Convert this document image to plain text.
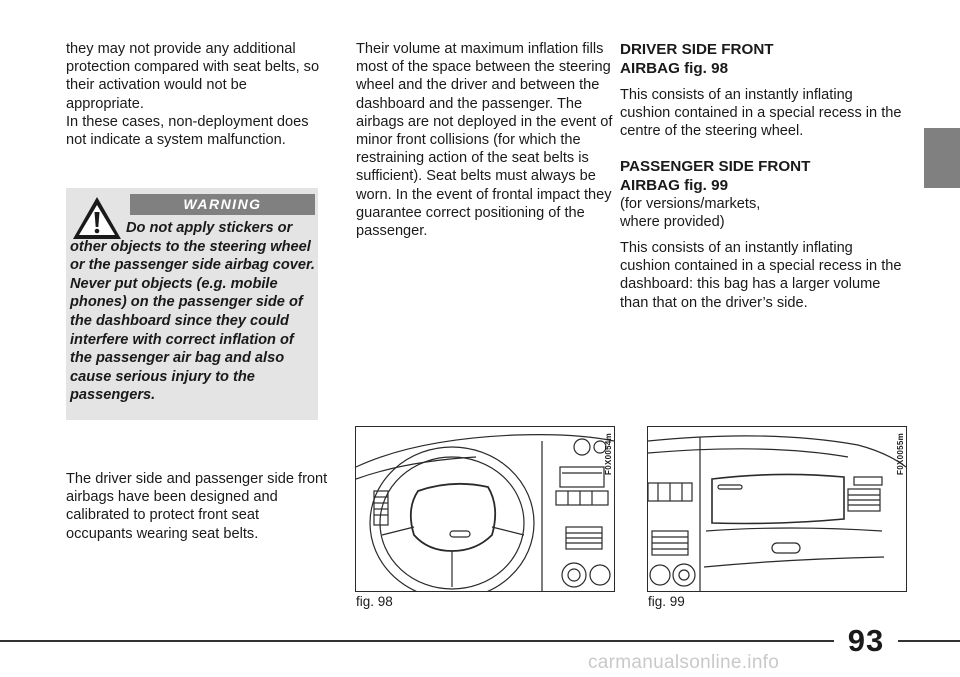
they may not provide any additional protection compared with seat belts, so their activation would not be appropriate.

In these cases, non-deployment does not indicate a system malfunction.

WARNING
Do not apply stickers or other objects to the steering wheel or the passenger side airbag cover. Never put objects (e.g. mobile phones) on the passenger side of the dashboard since they could interfere with correct inflation of the passenger air bag and also cause serious injury to the passengers.

The driver side and passenger side front airbags have been designed and calibrated to protect front seat occupants wearing seat belts.

Their volume at maximum inflation fills most of the space between the steering wheel and the driver and between the dashboard and the passenger. The airbags are not deployed in the event of minor front collisions (for which the restraining action of the seat belts is sufficient). Seat belts must always be worn. In the event of frontal impact they guarantee correct positioning of the passenger.

DRIVER SIDE FRONT
AIRBAG fig. 98

This consists of an instantly inflating cushion contained in a special recess in the centre of the steering wheel.

PASSENGER SIDE FRONT
AIRBAG fig. 99

(for versions/markets,
where provided)

This consists of an instantly inflating cushion contained in a special recess in the dashboard: this bag has a larger volume than that on the driver’s side.

F0X0054m
fig. 98
F0X0055m
fig. 99
93
carmanualsonline.info
